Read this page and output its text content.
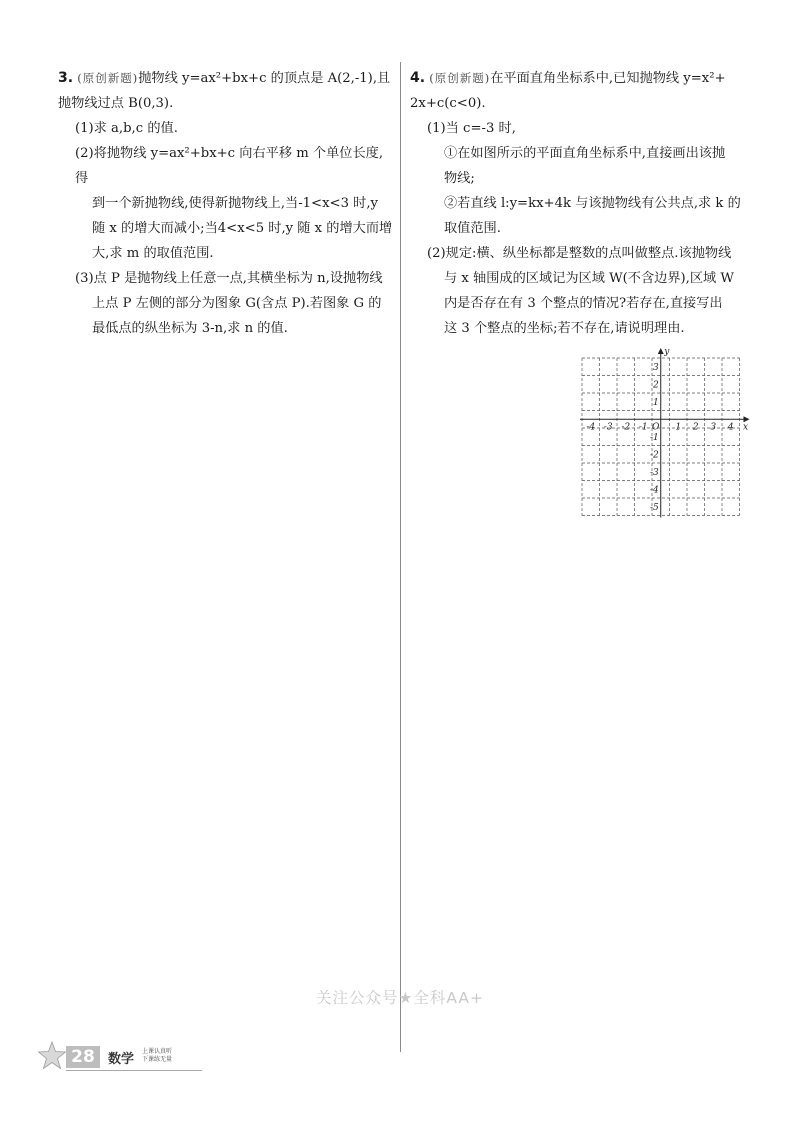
3. (原创新题)抛物线 y=ax²+bx+c 的顶点是 A(2,-1),且

抛物线过点 B(0,3).

(1)求 a,b,c 的值.

(2)将抛物线 y=ax²+bx+c 向右平移 m 个单位长度,得

到一个新抛物线,使得新抛物线上,当-1<x<3 时,y

随 x 的增大而减小;当4<x<5 时,y 随 x 的增大而增

大,求 m 的取值范围.

(3)点 P 是抛物线上任意一点,其横坐标为 n,设抛物线

上点 P 左侧的部分为图象 G(含点 P).若图象 G 的

最低点的纵坐标为 3-n,求 n 的值.

4. (原创新题)在平面直角坐标系中,已知抛物线 y=x²+

2x+c(c<0).

(1)当 c=-3 时,

①在如图所示的平面直角坐标系中,直接画出该抛

物线;

②若直线 l:y=kx+4k 与该抛物线有公共点,求 k 的

取值范围.

(2)规定:横、纵坐标都是整数的点叫做整点.该抛物线

与 x 轴围成的区域记为区域 W(不含边界),区域 W

内是否存在有 3 个整点的情况?若存在,直接写出

这 3 个整点的坐标;若不存在,请说明理由.

x
y
O
-4 -3 -2 -1	1 2 3 4
3
2
1
-1
-2
-3
-4
-5
关注公众号★全科AA+
28	数学
上课认真听
下课练无量
